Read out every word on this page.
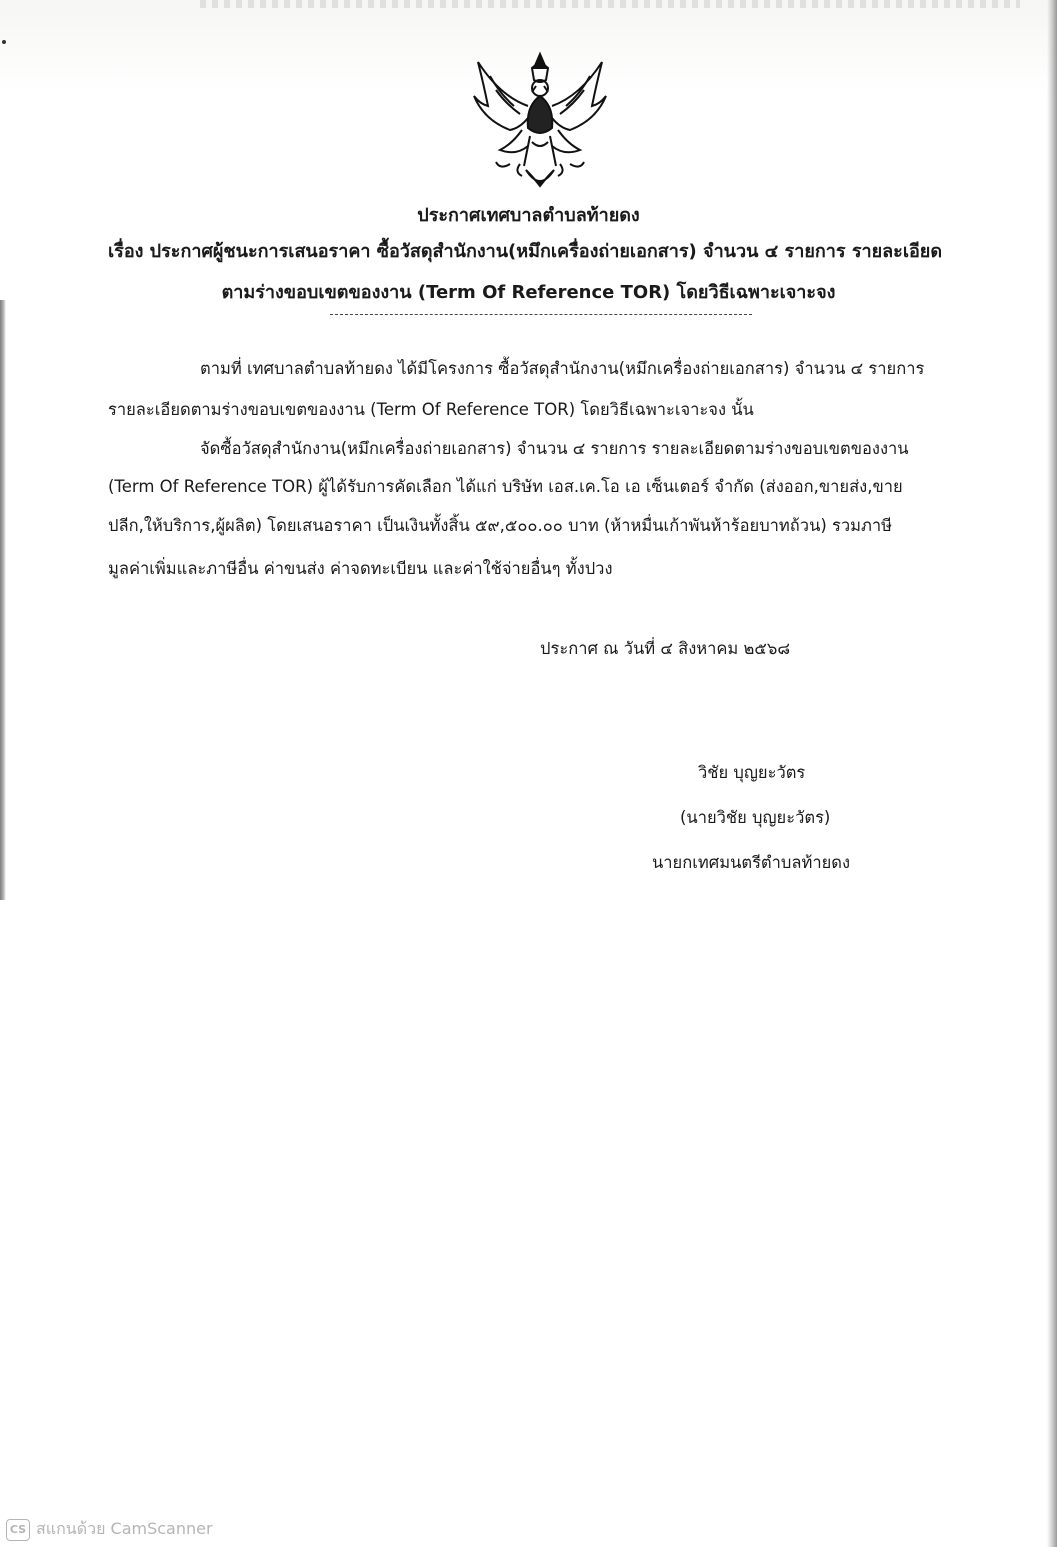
ประกาศเทศบาลตำบลท้ายดง
เรื่อง ประกาศผู้ชนะการเสนอราคา ซื้อวัสดุสำนักงาน(หมึกเครื่องถ่ายเอกสาร) จำนวน ๔ รายการ รายละเอียด
ตามร่างขอบเขตของงาน (Term Of Reference TOR) โดยวิธีเฉพาะเจาะจง
ตามที่ เทศบาลตำบลท้ายดง ได้มีโครงการ ซื้อวัสดุสำนักงาน(หมึกเครื่องถ่ายเอกสาร) จำนวน ๔ รายการ
รายละเอียดตามร่างขอบเขตของงาน (Term Of Reference TOR) โดยวิธีเฉพาะเจาะจง นั้น
จัดซื้อวัสดุสำนักงาน(หมึกเครื่องถ่ายเอกสาร) จำนวน ๔ รายการ รายละเอียดตามร่างขอบเขตของงาน
(Term Of Reference TOR) ผู้ได้รับการคัดเลือก ได้แก่ บริษัท เอส.เค.โอ เอ เซ็นเตอร์ จำกัด (ส่งออก,ขายส่ง,ขาย
ปลีก,ให้บริการ,ผู้ผลิต) โดยเสนอราคา เป็นเงินทั้งสิ้น ๕๙,๕๐๐.๐๐ บาท (ห้าหมื่นเก้าพันห้าร้อยบาทถ้วน) รวมภาษี
มูลค่าเพิ่มและภาษีอื่น ค่าขนส่ง ค่าจดทะเบียน และค่าใช้จ่ายอื่นๆ ทั้งปวง
ประกาศ ณ วันที่ ๔ สิงหาคม ๒๕๖๘
วิชัย บุญยะวัตร
(นายวิชัย บุญยะวัตร)
นายกเทศมนตรีตำบลท้ายดง
CS สแกนด้วย CamScanner
